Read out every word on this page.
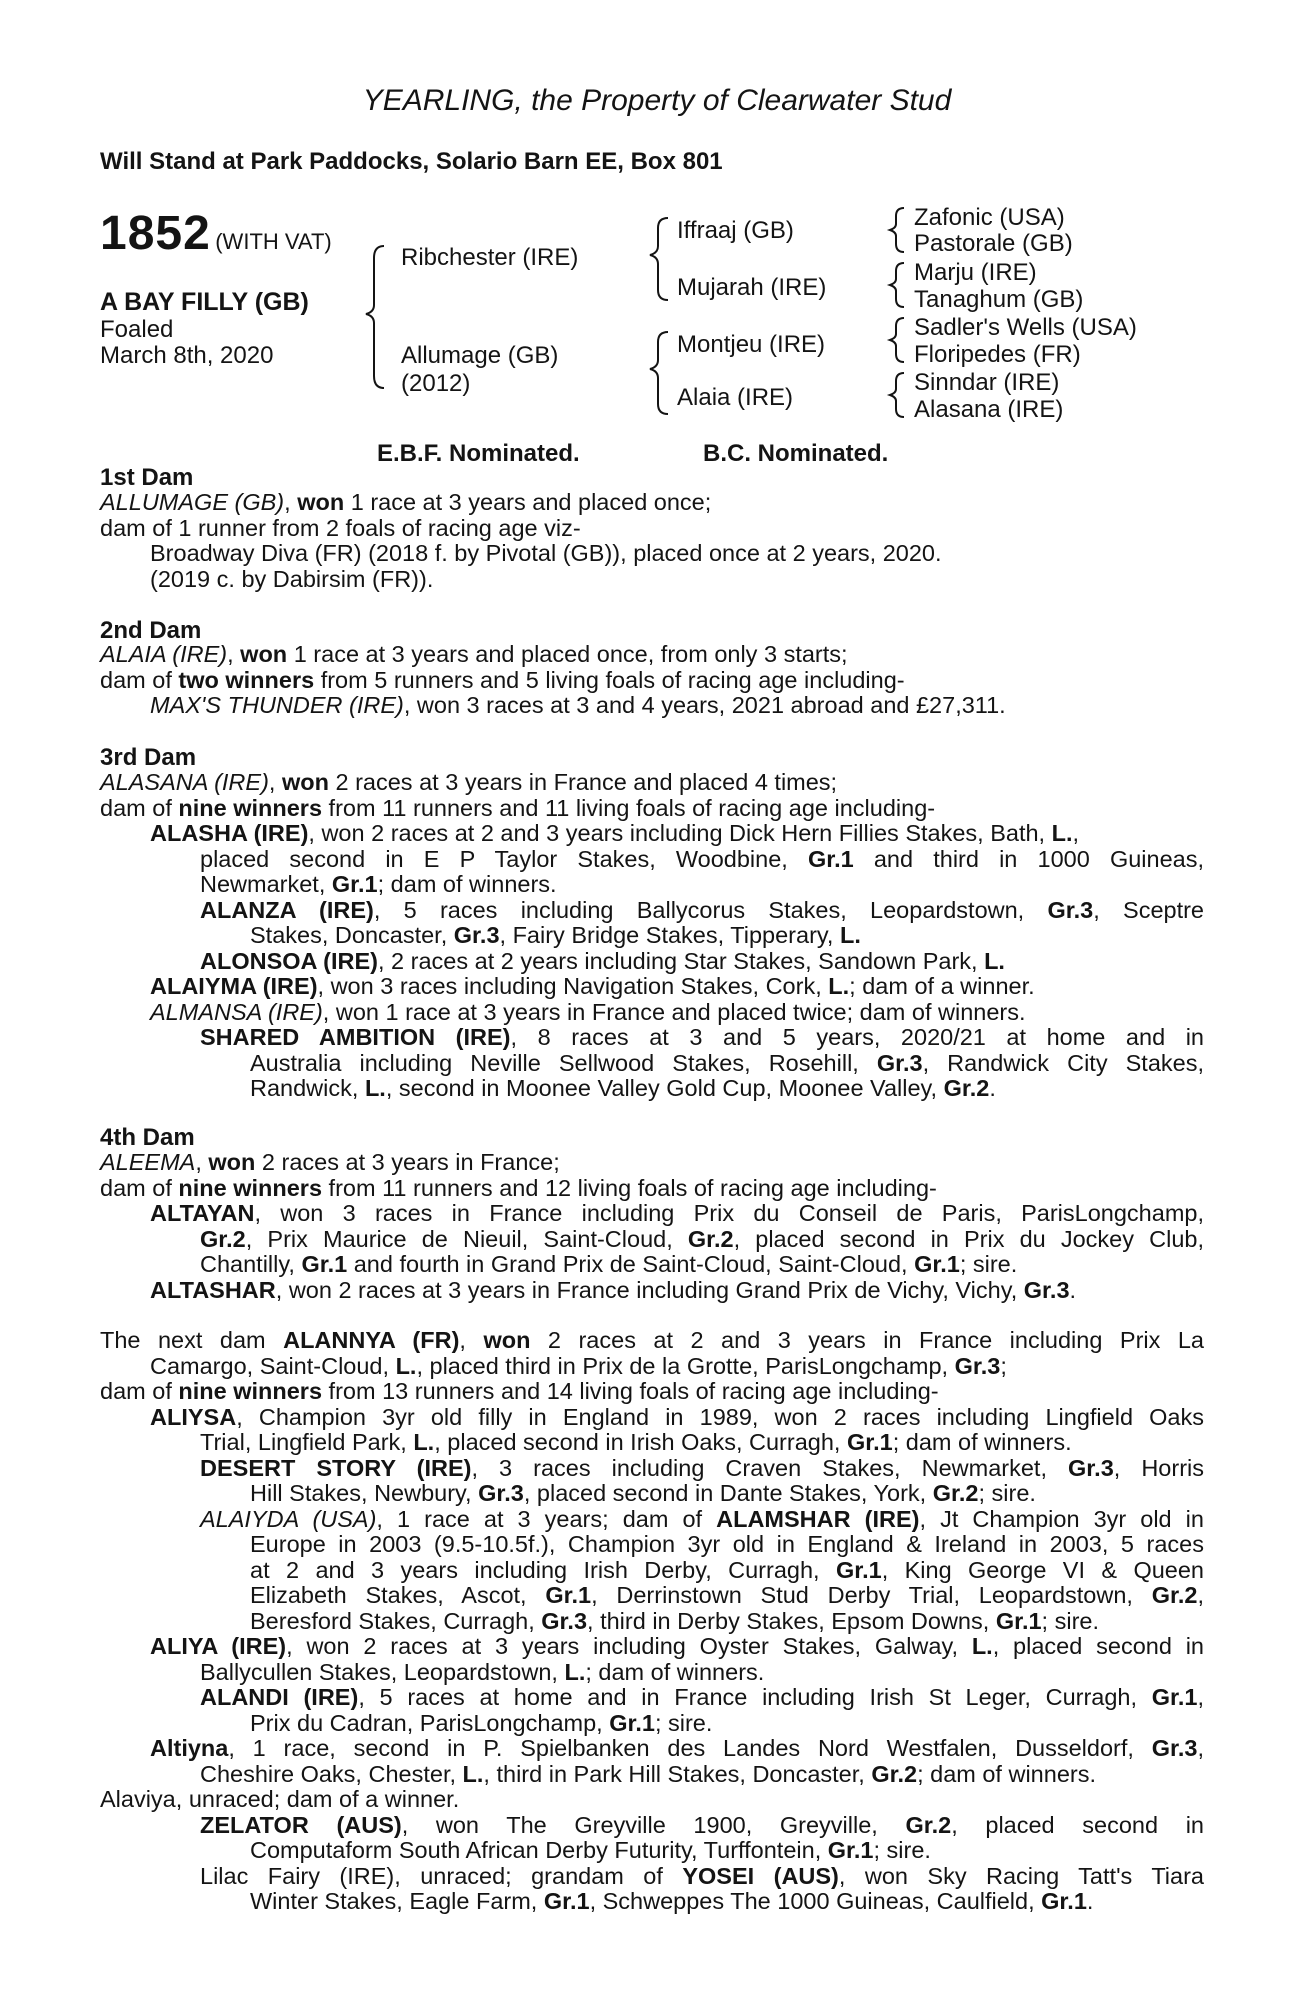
YEARLING, the Property of Clearwater Stud
Will Stand at Park Paddocks, Solario Barn EE, Box 801
1852 (WITH VAT)
A BAY FILLY (GB)
Foaled
March 8th, 2020
Ribchester (IRE)
Allumage (GB)
(2012)
Iffraaj (GB)
Mujarah (IRE)
Montjeu (IRE)
Alaia (IRE)
Zafonic (USA)
Pastorale (GB)
Marju (IRE)
Tanaghum (GB)
Sadler's Wells (USA)
Floripedes (FR)
Sinndar (IRE)
Alasana (IRE)
E.B.F. Nominated.	B.C. Nominated.
1st Dam
ALLUMAGE (GB), won 1 race at 3 years and placed once;
dam of 1 runner from 2 foals of racing age viz-
Broadway Diva (FR) (2018 f. by Pivotal (GB)), placed once at 2 years, 2020.
(2019 c. by Dabirsim (FR)).
2nd Dam
ALAIA (IRE), won 1 race at 3 years and placed once, from only 3 starts;
dam of two winners from 5 runners and 5 living foals of racing age including-
MAX'S THUNDER (IRE), won 3 races at 3 and 4 years, 2021 abroad and £27,311.
3rd Dam
ALASANA (IRE), won 2 races at 3 years in France and placed 4 times;
dam of nine winners from 11 runners and 11 living foals of racing age including-
ALASHA (IRE), won 2 races at 2 and 3 years including Dick Hern Fillies Stakes, Bath, L.,
placed second in E P Taylor Stakes, Woodbine, Gr.1 and third in 1000 Guineas,
Newmarket, Gr.1; dam of winners.
ALANZA (IRE), 5 races including Ballycorus Stakes, Leopardstown, Gr.3, Sceptre
Stakes, Doncaster, Gr.3, Fairy Bridge Stakes, Tipperary, L.
ALONSOA (IRE), 2 races at 2 years including Star Stakes, Sandown Park, L.
ALAIYMA (IRE), won 3 races including Navigation Stakes, Cork, L.; dam of a winner.
ALMANSA (IRE), won 1 race at 3 years in France and placed twice; dam of winners.
SHARED AMBITION (IRE), 8 races at 3 and 5 years, 2020/21 at home and in
Australia including Neville Sellwood Stakes, Rosehill, Gr.3, Randwick City Stakes,
Randwick, L., second in Moonee Valley Gold Cup, Moonee Valley, Gr.2.
4th Dam
ALEEMA, won 2 races at 3 years in France;
dam of nine winners from 11 runners and 12 living foals of racing age including-
ALTAYAN, won 3 races in France including Prix du Conseil de Paris, ParisLongchamp,
Gr.2, Prix Maurice de Nieuil, Saint-Cloud, Gr.2, placed second in Prix du Jockey Club,
Chantilly, Gr.1 and fourth in Grand Prix de Saint-Cloud, Saint-Cloud, Gr.1; sire.
ALTASHAR, won 2 races at 3 years in France including Grand Prix de Vichy, Vichy, Gr.3.
The next dam ALANNYA (FR), won 2 races at 2 and 3 years in France including Prix La
Camargo, Saint-Cloud, L., placed third in Prix de la Grotte, ParisLongchamp, Gr.3;
dam of nine winners from 13 runners and 14 living foals of racing age including-
ALIYSA, Champion 3yr old filly in England in 1989, won 2 races including Lingfield Oaks
Trial, Lingfield Park, L., placed second in Irish Oaks, Curragh, Gr.1; dam of winners.
DESERT STORY (IRE), 3 races including Craven Stakes, Newmarket, Gr.3, Horris
Hill Stakes, Newbury, Gr.3, placed second in Dante Stakes, York, Gr.2; sire.
ALAIYDA (USA), 1 race at 3 years; dam of ALAMSHAR (IRE), Jt Champion 3yr old in
Europe in 2003 (9.5-10.5f.), Champion 3yr old in England & Ireland in 2003, 5 races
at 2 and 3 years including Irish Derby, Curragh, Gr.1, King George VI & Queen
Elizabeth Stakes, Ascot, Gr.1, Derrinstown Stud Derby Trial, Leopardstown, Gr.2,
Beresford Stakes, Curragh, Gr.3, third in Derby Stakes, Epsom Downs, Gr.1; sire.
ALIYA (IRE), won 2 races at 3 years including Oyster Stakes, Galway, L., placed second in
Ballycullen Stakes, Leopardstown, L.; dam of winners.
ALANDI (IRE), 5 races at home and in France including Irish St Leger, Curragh, Gr.1,
Prix du Cadran, ParisLongchamp, Gr.1; sire.
Altiyna, 1 race, second in P. Spielbanken des Landes Nord Westfalen, Dusseldorf, Gr.3,
Cheshire Oaks, Chester, L., third in Park Hill Stakes, Doncaster, Gr.2; dam of winners.
Alaviya, unraced; dam of a winner.
ZELATOR (AUS), won The Greyville 1900, Greyville, Gr.2, placed second in
Computaform South African Derby Futurity, Turffontein, Gr.1; sire.
Lilac Fairy (IRE), unraced; grandam of YOSEI (AUS), won Sky Racing Tatt's Tiara
Winter Stakes, Eagle Farm, Gr.1, Schweppes The 1000 Guineas, Caulfield, Gr.1.
